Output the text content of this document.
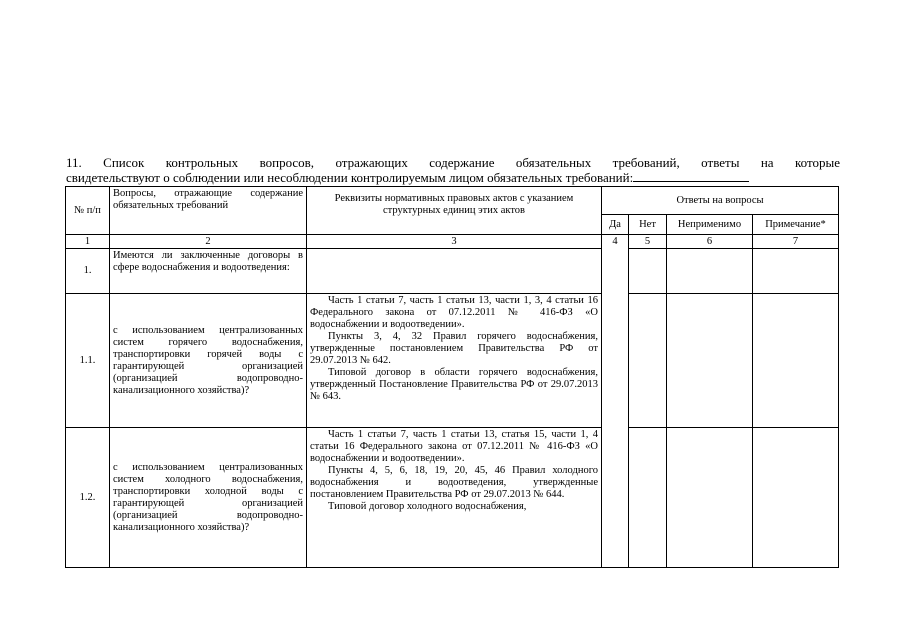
11. Список контрольных вопросов, отражающих содержание обязательных требований, ответы на которые
свидетельствуют о соблюдении или несоблюдении контролируемым лицом обязательных требований:
№ п/п	Вопросы, отражающие содержание обязательных требований	Реквизиты нормативных правовых актов с указанием структурных единиц этих актов	Ответы на вопросы			
			Да	Нет	Неприменимо	Примечание*
1	2	3	4	5	6	7
1.	Имеются ли заключенные договоры в сфере водоснабжения и водоотведения:					
1.1.	с использованием централизованных систем горячего водоснабжения, транспортировки горячей воды с гарантирующей организацией (организацией водопроводно-канализационного хозяйства)?	Часть 1 статьи 7, часть 1 статьи 13, части 1, 3, 4 статьи 16 Федерального закона от 07.12.2011 № 416-ФЗ «О водоснабжении и водоотведении».

Пункты 3, 4, 32 Правил горячего водоснабжения, утвержденные постановлением Правительства РФ от 29.07.2013 № 642.

Типовой договор в области горячего водоснабжения, утвержденный Постановление Правительства РФ от 29.07.2013 № 643.				

1.2.	с использованием централизованных систем холодного водоснабжения, транспортировки холодной воды с гарантирующей организацией (организацией водопроводно-канализационного хозяйства)?	Часть 1 статьи 7, часть 1 статьи 13, статья 15, части 1, 4 статьи 16 Федерального закона от 07.12.2011 № 416-ФЗ «О водоснабжении и водоотведении».

Пункты 4, 5, 6, 18, 19, 20, 45, 46 Правил холодного водоснабжения и водоотведения, утвержденные постановлением Правительства РФ от 29.07.2013 № 644.

Типовой договор холодного водоснабжения,				
